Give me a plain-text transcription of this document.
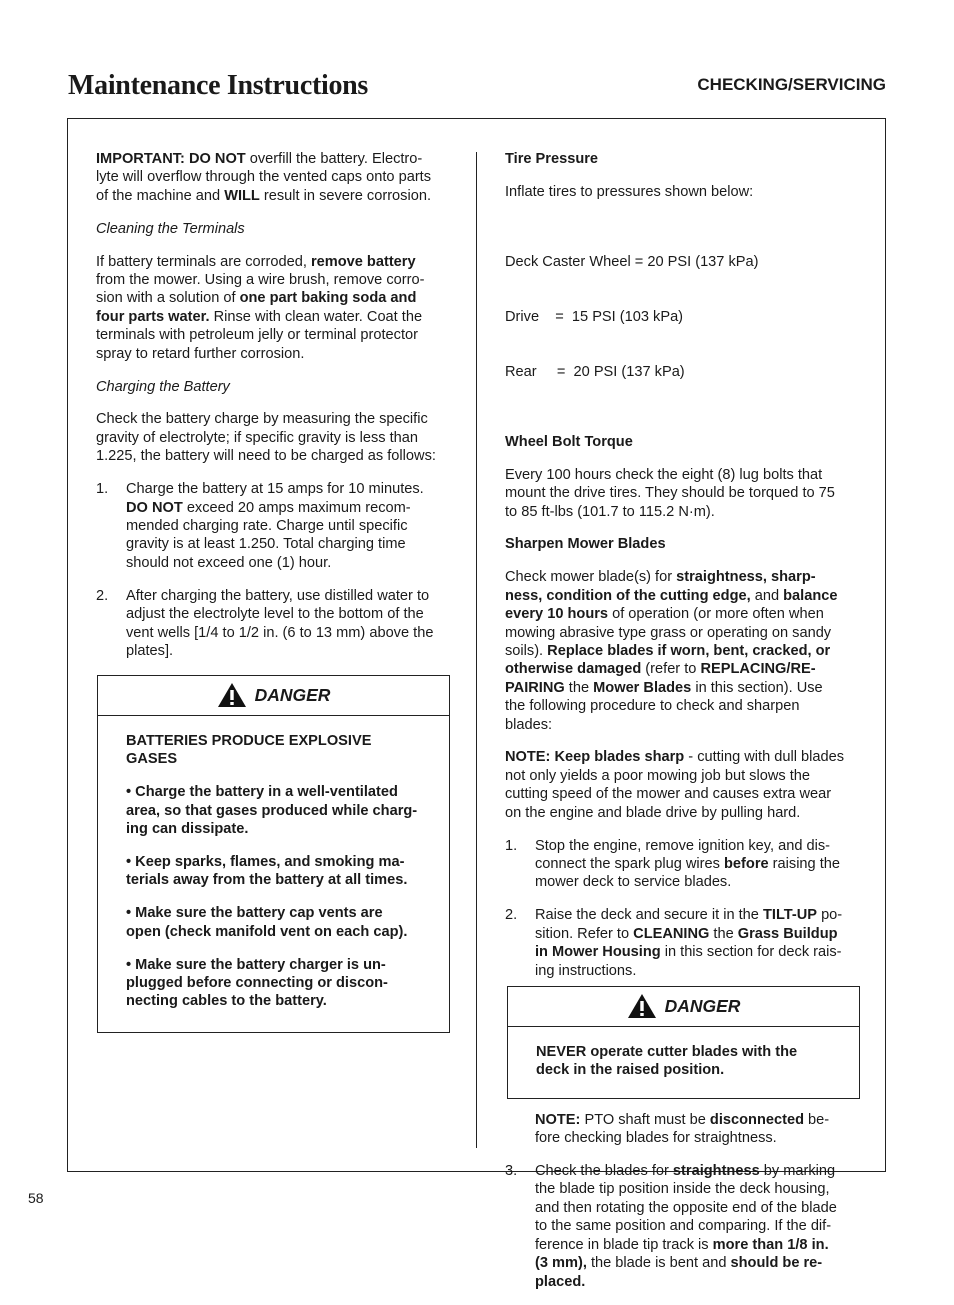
Maintenance Instructions	CHECKING/SERVICING

IMPORTANT: DO NOT overfill the battery. Electro-
lyte will overflow through the vented caps onto parts
of the machine and WILL result in severe corrosion.

Cleaning the Terminals

If battery terminals are corroded, remove battery
from the mower. Using a wire brush, remove corro-
sion with a solution of one part baking soda and
four parts water. Rinse with clean water. Coat the
terminals with petroleum jelly or terminal protector
spray to retard further corrosion.

Charging the Battery

Check the battery charge by measuring the specific
gravity of electrolyte; if specific gravity is less than
1.225, the battery will need to be charged as follows:

1. Charge the battery at 15 amps for 10 minutes.
DO NOT exceed 20 amps maximum recom-
mended charging rate. Charge until specific
gravity is at least 1.250. Total charging time
should not exceed one (1) hour.
2. After charging the battery, use distilled water to
adjust the electrolyte level to the bottom of the
vent wells [1/4 to 1/2 in. (6 to 13 mm) above the
plates].
DANGER

BATTERIES PRODUCE EXPLOSIVE
GASES

• Charge the battery in a well-ventilated
area, so that gases produced while charg-
ing can dissipate.

• Keep sparks, flames, and smoking ma-
terials away from the battery at all times.

• Make sure the battery cap vents are
open (check manifold vent on each cap).

• Make sure the battery charger is un-
plugged before connecting or discon-
necting cables to the battery.

Tire Pressure

Inflate tires to pressures shown below:

Deck Caster Wheel = 20 PSI (137 kPa)

Drive    =  15 PSI (103 kPa)

Rear     =  20 PSI (137 kPa)

Wheel Bolt Torque

Every 100 hours check the eight (8) lug bolts that
mount the drive tires. They should be torqued to 75
to 85 ft-lbs (101.7 to 115.2 N·m).

Sharpen Mower Blades

Check mower blade(s) for straightness, sharp-
ness, condition of the cutting edge, and balance
every 10 hours of operation (or more often when
mowing abrasive type grass or operating on sandy
soils). Replace blades if worn, bent, cracked, or
otherwise damaged (refer to REPLACING/RE-
PAIRING the Mower Blades in this section). Use
the following procedure to check and sharpen
blades:

NOTE: Keep blades sharp - cutting with dull blades
not only yields a poor mowing job but slows the
cutting speed of the mower and causes extra wear
on the engine and blade drive by pulling hard.

1. Stop the engine, remove ignition key, and dis-
connect the spark plug wires before raising the
mower deck to service blades.
2. Raise the deck and secure it in the TILT-UP po-
sition. Refer to CLEANING the Grass Buildup
in Mower Housing in this section for deck rais-
ing instructions.
DANGER

NEVER operate cutter blades with the
deck in the raised position.

NOTE: PTO shaft must be disconnected be-
fore checking blades for straightness.
3. Check the blades for straightness by marking
the blade tip position inside the deck housing,
and then rotating the opposite end of the blade
to the same position and comparing. If the dif-
ference in blade tip track is more than 1/8 in.
(3 mm), the blade is bent and should be re-
placed.
58
